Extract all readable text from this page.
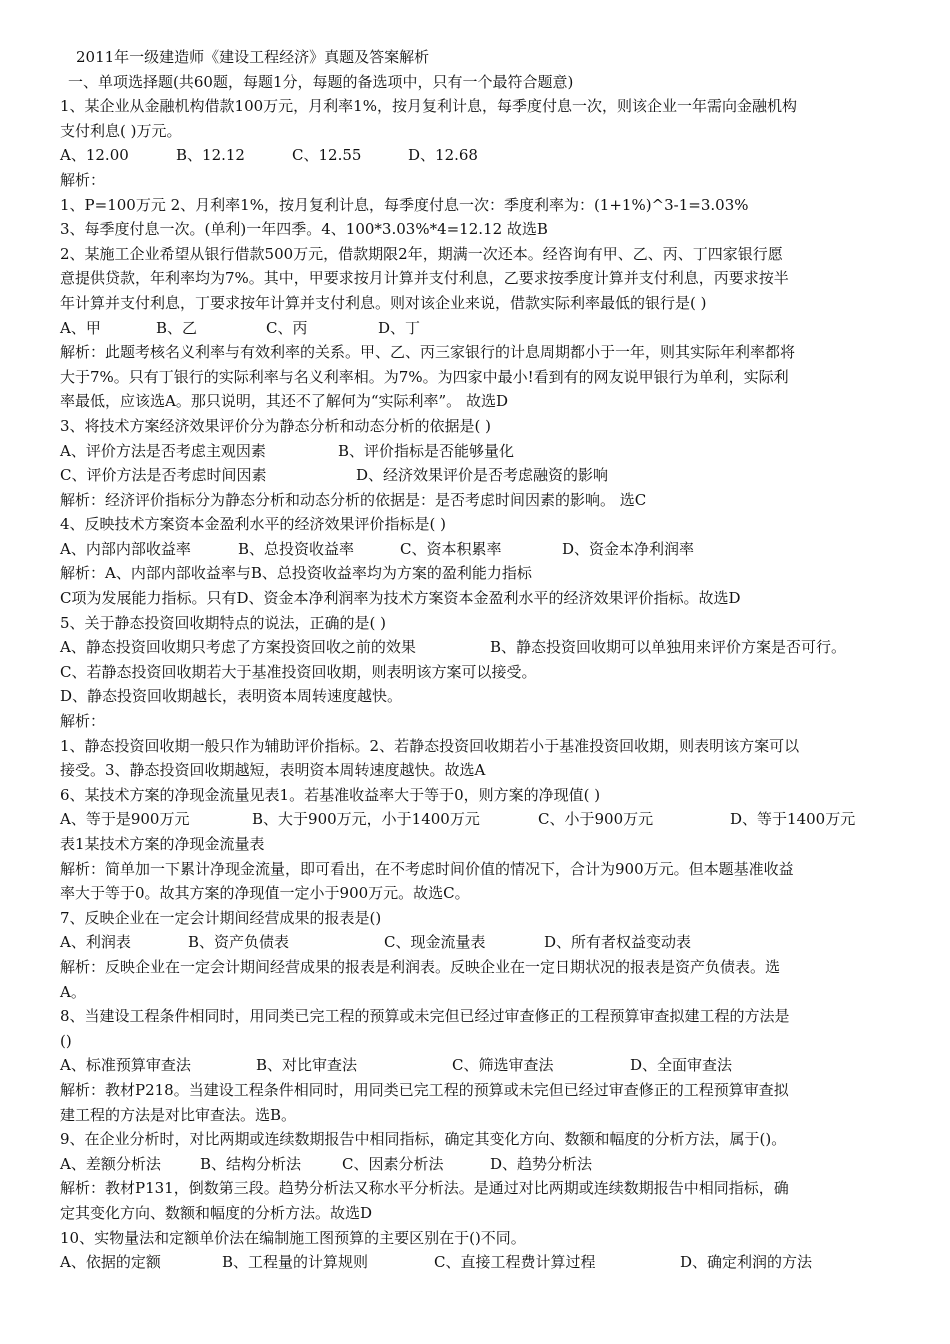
2011年一级建造师《建设工程经济》真题及答案解析
一、单项选择题(共60题，每题1分，每题的备选项中，只有一个最符合题意)
1、某企业从金融机构借款100万元，月利率1%，按月复利计息，每季度付息一次，则该企业一年需向金融机构
支付利息( )万元。
A、12.00	B、12.12	C、12.55	D、12.68
解析：
1、P=100万元 2、月利率1%，按月复利计息，每季度付息一次：季度利率为：(1+1%)^3-1=3.03%
3、每季度付息一次。(单利)一年四季。4、100*3.03%*4=12.12 故选B
2、某施工企业希望从银行借款500万元，借款期限2年，期满一次还本。经咨询有甲、乙、丙、丁四家银行愿
意提供贷款，年利率均为7%。其中，甲要求按月计算并支付利息，乙要求按季度计算并支付利息，丙要求按半
年计算并支付利息，丁要求按年计算并支付利息。则对该企业来说，借款实际利率最低的银行是( )
A、甲	B、乙	C、丙	D、丁
解析：此题考核名义利率与有效利率的关系。甲、乙、丙三家银行的计息周期都小于一年，则其实际年利率都将
大于7%。只有丁银行的实际利率与名义利率相。为7%。为四家中最小!看到有的网友说甲银行为单利，实际利
率最低，应该选A。那只说明，其还不了解何为“实际利率”。 故选D
3、将技术方案经济效果评价分为静态分析和动态分析的依据是( )
A、评价方法是否考虑主观因素	B、评价指标是否能够量化
C、评价方法是否考虑时间因素	D、经济效果评价是否考虑融资的影响
解析：经济评价指标分为静态分析和动态分析的依据是：是否考虑时间因素的影响。 选C
4、反映技术方案资本金盈利水平的经济效果评价指标是( )
A、内部内部收益率	B、总投资收益率	C、资本积累率	D、资金本净利润率
解析：A、内部内部收益率与B、总投资收益率均为方案的盈利能力指标
C项为发展能力指标。只有D、资金本净利润率为技术方案资本金盈利水平的经济效果评价指标。故选D
5、关于静态投资回收期特点的说法，正确的是( )
A、静态投资回收期只考虑了方案投资回收之前的效果	B、静态投资回收期可以单独用来评价方案是否可行。
C、若静态投资回收期若大于基准投资回收期，则表明该方案可以接受。
D、静态投资回收期越长，表明资本周转速度越快。
解析：
1、静态投资回收期一般只作为辅助评价指标。2、若静态投资回收期若小于基准投资回收期，则表明该方案可以
接受。3、静态投资回收期越短，表明资本周转速度越快。故选A
6、某技术方案的净现金流量见表1。若基准收益率大于等于0，则方案的净现值( )
A、等于是900万元	B、大于900万元，小于1400万元	C、小于900万元	D、等于1400万元
表1某技术方案的净现金流量表
解析：简单加一下累计净现金流量，即可看出，在不考虑时间价值的情况下，合计为900万元。但本题基准收益
率大于等于0。故其方案的净现值一定小于900万元。故选C。
7、反映企业在一定会计期间经营成果的报表是()
A、利润表	B、资产负债表	C、现金流量表	D、所有者权益变动表
解析：反映企业在一定会计期间经营成果的报表是利润表。反映企业在一定日期状况的报表是资产负债表。选
A。
8、当建设工程条件相同时，用同类已完工程的预算或未完但已经过审查修正的工程预算审查拟建工程的方法是
()
A、标准预算审查法	B、对比审查法	C、筛选审查法	D、全面审查法
解析：教材P218。当建设工程条件相同时，用同类已完工程的预算或未完但已经过审查修正的工程预算审查拟
建工程的方法是对比审查法。选B。
9、在企业分析时，对比两期或连续数期报告中相同指标，确定其变化方向、数额和幅度的分析方法，属于()。
A、差额分析法	B、结构分析法	C、因素分析法	D、趋势分析法
解析：教材P131，倒数第三段。趋势分析法又称水平分析法。是通过对比两期或连续数期报告中相同指标，确
定其变化方向、数额和幅度的分析方法。故选D
10、实物量法和定额单价法在编制施工图预算的主要区别在于()不同。
A、依据的定额	B、工程量的计算规则	C、直接工程费计算过程	D、确定利润的方法
